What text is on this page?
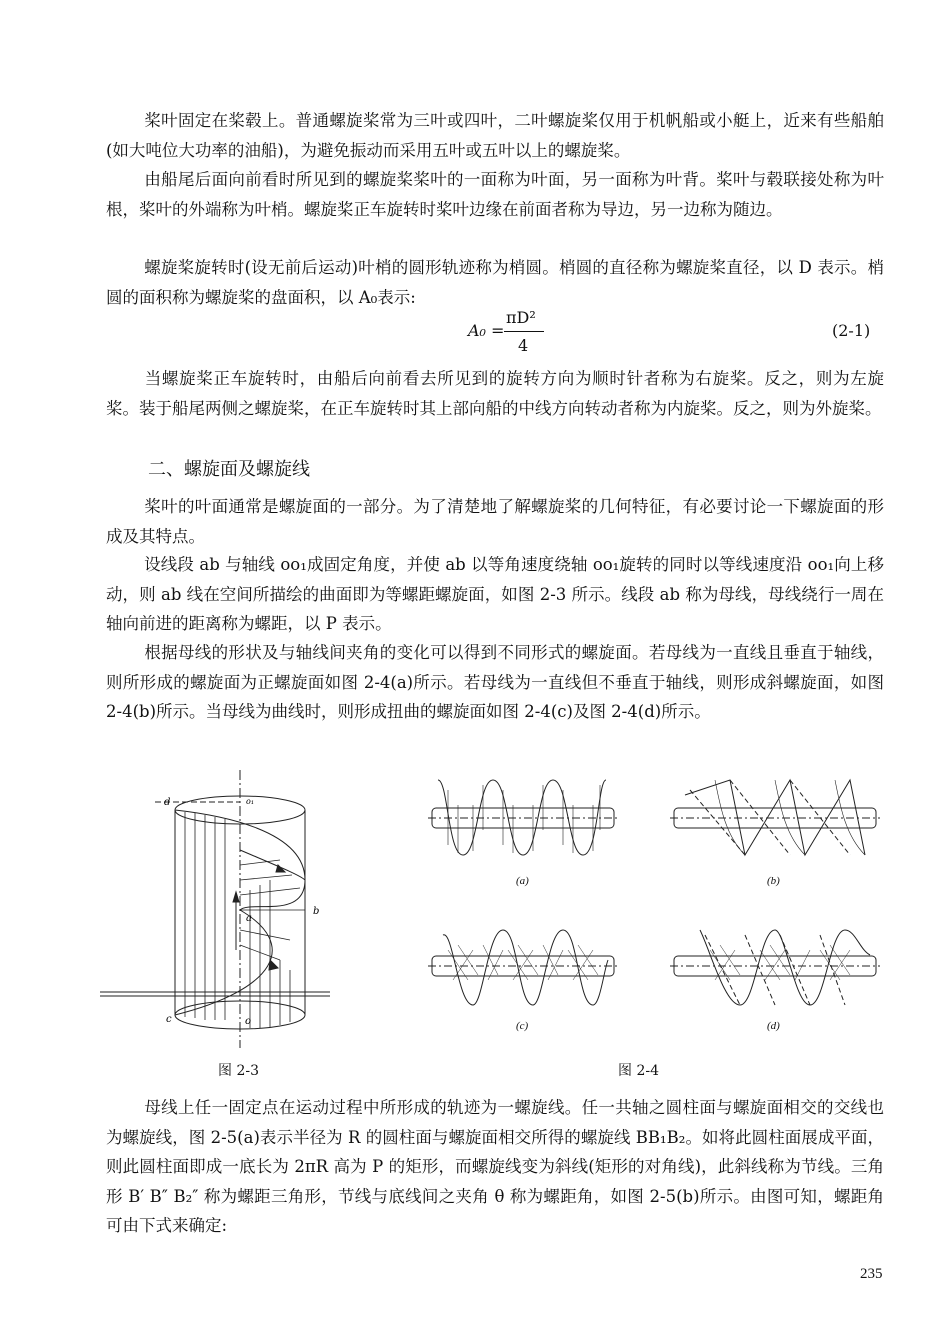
桨叶固定在桨毂上。普通螺旋桨常为三叶或四叶，二叶螺旋桨仅用于机帆船或小艇上，近来有些船舶(如大吨位大功率的油船)，为避免振动而采用五叶或五叶以上的螺旋桨。

由船尾后面向前看时所见到的螺旋桨桨叶的一面称为叶面，另一面称为叶背。桨叶与毂联接处称为叶根，桨叶的外端称为叶梢。螺旋桨正车旋转时桨叶边缘在前面者称为导边，另一边称为随边。

螺旋桨旋转时(设无前后运动)叶梢的圆形轨迹称为梢圆。梢圆的直径称为螺旋桨直径，以 D 表示。梢圆的面积称为螺旋桨的盘面积，以 A₀表示:

A₀ =
πD²
4
(2-1)

当螺旋桨正车旋转时，由船后向前看去所见到的旋转方向为顺时针者称为右旋桨。反之，则为左旋桨。装于船尾两侧之螺旋桨，在正车旋转时其上部向船的中线方向转动者称为内旋桨。反之，则为外旋桨。

二、螺旋面及螺旋线

桨叶的叶面通常是螺旋面的一部分。为了清楚地了解螺旋桨的几何特征，有必要讨论一下螺旋面的形成及其特点。

设线段 ab 与轴线 oo₁成固定角度，并使 ab 以等角速度绕轴 oo₁旋转的同时以等线速度沿 oo₁向上移动，则 ab 线在空间所描绘的曲面即为等螺距螺旋面，如图 2-3 所示。线段 ab 称为母线，母线绕行一周在轴向前进的距离称为螺距，以 P 表示。

根据母线的形状及与轴线间夹角的变化可以得到不同形式的螺旋面。若母线为一直线且垂直于轴线，则所形成的螺旋面为正螺旋面如图 2-4(a)所示。若母线为一直线但不垂直于轴线，则形成斜螺旋面，如图 2-4(b)所示。当母线为曲线时，则形成扭曲的螺旋面如图 2-4(c)及图 2-4(d)所示。

d	o₁
a
b
c	o
(a)	(b)
(c)	(d)
图 2-3	图 2-4

母线上任一固定点在运动过程中所形成的轨迹为一螺旋线。任一共轴之圆柱面与螺旋面相交的交线也为螺旋线，图 2-5(a)表示半径为 R 的圆柱面与螺旋面相交所得的螺旋线 BB₁B₂。如将此圆柱面展成平面，则此圆柱面即成一底长为 2πR 高为 P 的矩形，而螺旋线变为斜线(矩形的对角线)，此斜线称为节线。三角形 B′ B″ B₂″ 称为螺距三角形，节线与底线间之夹角 θ 称为螺距角，如图 2-5(b)所示。由图可知，螺距角可由下式来确定:

235
